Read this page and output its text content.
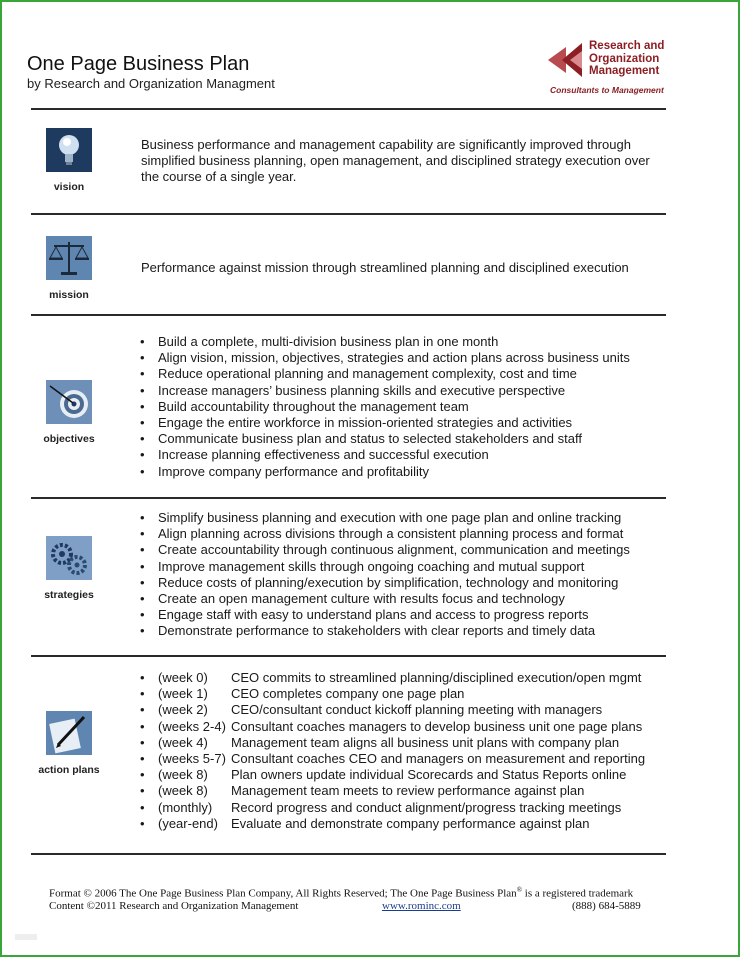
One Page Business Plan
by Research and Organization Managment
Research and
Organization
Management
Consultants to Management
vision
Business performance and management capability are significantly improved through simplified business planning, open management, and disciplined strategy execution over the course of a single year.
mission
Performance against mission through streamlined planning and disciplined execution
objectives
• Build a complete, multi-division business plan in one month
• Align vision, mission, objectives, strategies and action plans across business units
• Reduce operational planning and management complexity, cost and time
• Increase managers’ business planning skills and executive perspective
• Build accountability throughout the management team
• Engage the entire workforce in mission-oriented strategies and activities
• Communicate business plan and status to selected stakeholders and staff
• Increase planning effectiveness and successful execution
• Improve company performance and profitability
strategies
• Simplify business planning and execution with one page plan and online tracking
• Align planning across divisions through a consistent planning process and format
• Create accountability through continuous alignment, communication and meetings
• Improve management skills through ongoing coaching and mutual support
• Reduce costs of planning/execution by simplification, technology and monitoring
• Create an open management culture with results focus and technology
• Engage staff with easy to understand plans and access to progress reports
• Demonstrate performance to stakeholders with clear reports and timely data
action plans
• (week 0) CEO commits to streamlined planning/disciplined execution/open mgmt
• (week 1) CEO completes company one page plan
• (week 2) CEO/consultant conduct kickoff planning meeting with managers
• (weeks 2-4) Consultant coaches managers to develop business unit one page plans
• (week 4) Management team aligns all business unit plans with company plan
• (weeks 5-7) Consultant coaches CEO and managers on measurement and reporting
• (week 8) Plan owners update individual Scorecards and Status Reports online
• (week 8) Management team meets to review performance against plan
• (monthly) Record progress and conduct alignment/progress tracking meetings
• (year-end) Evaluate and demonstrate company performance against plan
Format © 2006 The One Page Business Plan Company, All Rights Reserved; The One Page Business Plan® is a registered trademark
Content ©2011 Research and Organization Management	www.rominc.com	(888) 684-5889
